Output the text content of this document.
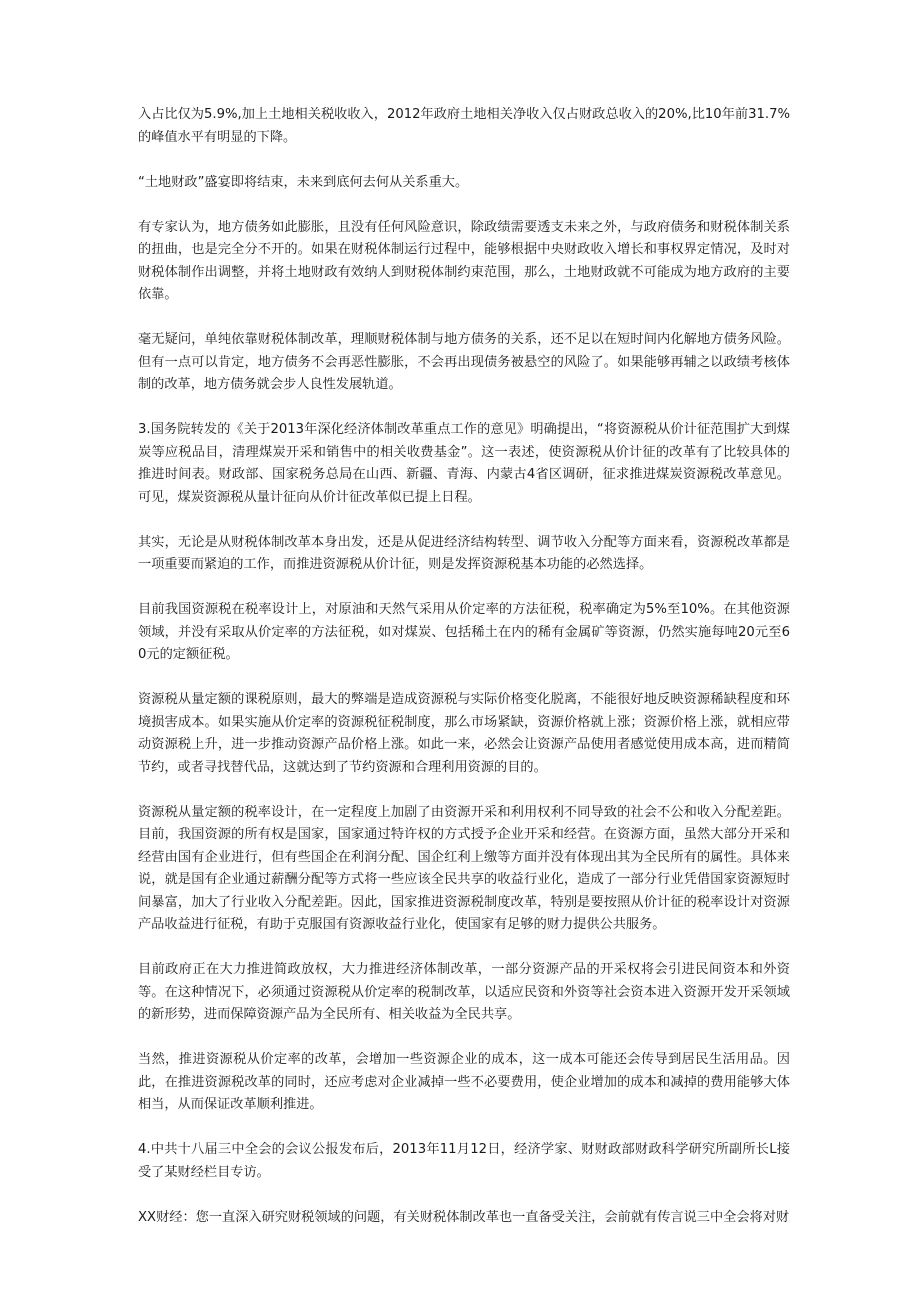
入占比仅为5.9%,加上土地相关税收收入，2012年政府土地相关净收入仅占财政总收入的20%,比10年前31.7%的峰值水平有明显的下降。

“土地财政”盛宴即将结束，未来到底何去何从关系重大。

有专家认为，地方债务如此膨胀，且没有任何风险意识，除政绩需要透支未来之外，与政府债务和财税体制关系的扭曲，也是完全分不开的。如果在财税体制运行过程中，能够根据中央财政收入增长和事权界定情况，及时对财税体制作出调整，并将土地财政有效纳人到财税体制约束范围，那么，土地财政就不可能成为地方政府的主要依靠。

毫无疑问，单纯依靠财税体制改革，理顺财税体制与地方债务的关系，还不足以在短时间内化解地方债务风险。但有一点可以肯定，地方债务不会再恶性膨胀，不会再出现债务被悬空的风险了。如果能够再辅之以政绩考核体制的改革，地方债务就会步人良性发展轨道。

3.国务院转发的《关于2013年深化经济体制改革重点工作的意见》明确提出，“将资源税从价计征范围扩大到煤炭等应税品目，清理煤炭开采和销售中的相关收费基金”。这一表述，使资源税从价计征的改革有了比较具体的推进时间表。财政部、国家税务总局在山西、新疆、青海、内蒙古4省区调研，征求推进煤炭资源税改革意见。可见，煤炭资源税从量计征向从价计征改革似已提上日程。

其实，无论是从财税体制改革本身出发，还是从促进经济结构转型、调节收入分配等方面来看，资源税改革都是一项重要而紧迫的工作，而推进资源税从价计征，则是发挥资源税基本功能的必然选择。

目前我国资源税在税率设计上，对原油和天然气采用从价定率的方法征税，税率确定为5%至10%。在其他资源领域，并没有采取从价定率的方法征税，如对煤炭、包括稀土在内的稀有金属矿等资源，仍然实施每吨20元至60元的定额征税。

资源税从量定额的课税原则，最大的弊端是造成资源税与实际价格变化脱离，不能很好地反映资源稀缺程度和环境损害成本。如果实施从价定率的资源税征税制度，那么市场紧缺，资源价格就上涨；资源价格上涨，就相应带动资源税上升，进一步推动资源产品价格上涨。如此一来，必然会让资源产品使用者感觉使用成本高，进而精简节约，或者寻找替代品，这就达到了节约资源和合理利用资源的目的。

资源税从量定额的税率设计，在一定程度上加剧了由资源开采和利用权利不同导致的社会不公和收入分配差距。目前，我国资源的所有权是国家，国家通过特许权的方式授予企业开采和经营。在资源方面，虽然大部分开采和经营由国有企业进行，但有些国企在利润分配、国企红利上缴等方面并没有体现出其为全民所有的属性。具体来说，就是国有企业通过薪酬分配等方式将一些应该全民共享的收益行业化，造成了一部分行业凭借国家资源短时间暴富，加大了行业收入分配差距。因此，国家推进资源税制度改革，特别是要按照从价计征的税率设计对资源产品收益进行征税，有助于克服国有资源收益行业化，使国家有足够的财力提供公共服务。

目前政府正在大力推进简政放权，大力推进经济体制改革，一部分资源产品的开采权将会引进民间资本和外资等。在这种情况下，必须通过资源税从价定率的税制改革，以适应民资和外资等社会资本进入资源开发开采领域的新形势，进而保障资源产品为全民所有、相关收益为全民共享。

当然，推进资源税从价定率的改革，会增加一些资源企业的成本，这一成本可能还会传导到居民生活用品。因此，在推进资源税改革的同时，还应考虑对企业减掉一些不必要费用，使企业增加的成本和减掉的费用能够大体相当，从而保证改革顺利推进。

4.中共十八届三中全会的会议公报发布后，2013年11月12日，经济学家、财财政部财政科学研究所副所长L接受了某财经栏目专访。

XX财经：您一直深入研究财税领域的问题，有关财税体制改革也一直备受关注，会前就有传言说三中全会将对财
